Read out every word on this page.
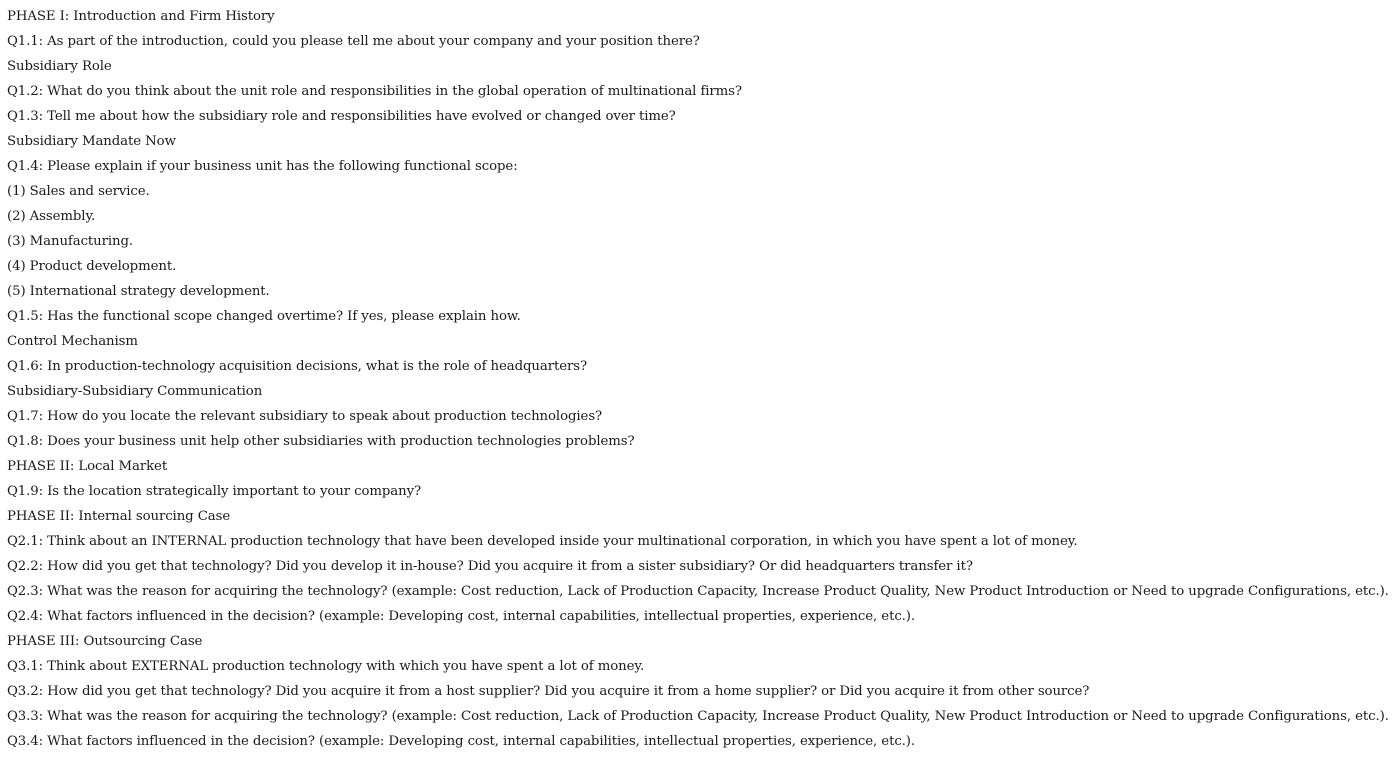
PHASE I: Introduction and Firm History
Q1.1: As part of the introduction, could you please tell me about your company and your position there?
Subsidiary Role
Q1.2: What do you think about the unit role and responsibilities in the global operation of multinational firms?
Q1.3: Tell me about how the subsidiary role and responsibilities have evolved or changed over time?
Subsidiary Mandate Now
Q1.4: Please explain if your business unit has the following functional scope:
(1) Sales and service.
(2) Assembly.
(3) Manufacturing.
(4) Product development.
(5) International strategy development.
Q1.5: Has the functional scope changed overtime? If yes, please explain how.
Control Mechanism
Q1.6: In production-technology acquisition decisions, what is the role of headquarters?
Subsidiary-Subsidiary Communication
Q1.7: How do you locate the relevant subsidiary to speak about production technologies?
Q1.8: Does your business unit help other subsidiaries with production technologies problems?
PHASE II: Local Market
Q1.9: Is the location strategically important to your company?
PHASE II: Internal sourcing Case
Q2.1: Think about an INTERNAL production technology that have been developed inside your multinational corporation, in which you have spent a lot of money.
Q2.2: How did you get that technology? Did you develop it in-house? Did you acquire it from a sister subsidiary? Or did headquarters transfer it?
Q2.3: What was the reason for acquiring the technology? (example: Cost reduction, Lack of Production Capacity, Increase Product Quality, New Product Introduction or Need to upgrade Configurations, etc.).
Q2.4: What factors influenced in the decision? (example: Developing cost, internal capabilities, intellectual properties, experience, etc.).
PHASE III: Outsourcing Case
Q3.1: Think about EXTERNAL production technology with which you have spent a lot of money.
Q3.2: How did you get that technology? Did you acquire it from a host supplier? Did you acquire it from a home supplier? or Did you acquire it from other source?
Q3.3: What was the reason for acquiring the technology? (example: Cost reduction, Lack of Production Capacity, Increase Product Quality, New Product Introduction or Need to upgrade Configurations, etc.).
Q3.4: What factors influenced in the decision? (example: Developing cost, internal capabilities, intellectual properties, experience, etc.).
